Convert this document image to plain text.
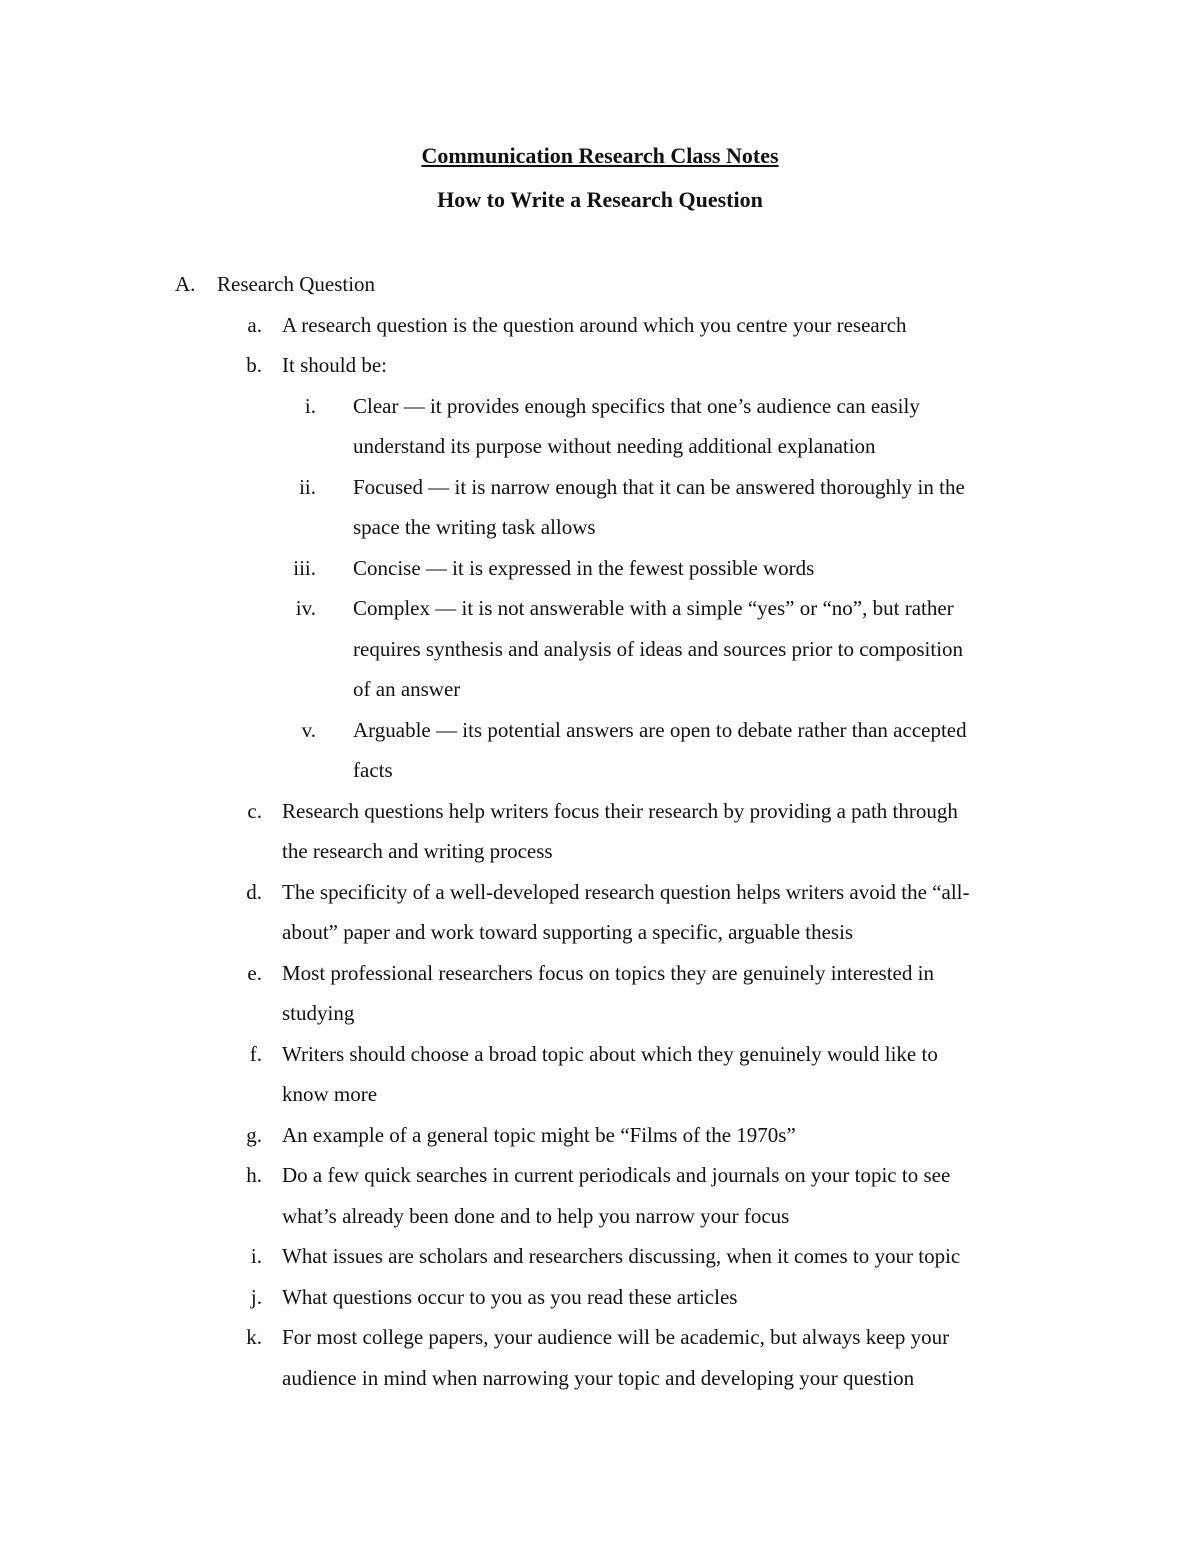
Communication Research Class Notes
How to Write a Research Question
A.	Research Question
a. A research question is the question around which you centre your research
b. It should be:
i. Clear — it provides enough specifics that one’s audience can easily
understand its purpose without needing additional explanation
ii. Focused — it is narrow enough that it can be answered thoroughly in the
space the writing task allows
iii. Concise — it is expressed in the fewest possible words
iv. Complex — it is not answerable with a simple “yes” or “no”, but rather
requires synthesis and analysis of ideas and sources prior to composition
of an answer
v. Arguable — its potential answers are open to debate rather than accepted
facts
c. Research questions help writers focus their research by providing a path through
the research and writing process
d. The specificity of a well-developed research question helps writers avoid the “all-
about” paper and work toward supporting a specific, arguable thesis
e. Most professional researchers focus on topics they are genuinely interested in
studying
f. Writers should choose a broad topic about which they genuinely would like to
know more
g. An example of a general topic might be “Films of the 1970s”
h. Do a few quick searches in current periodicals and journals on your topic to see
what’s already been done and to help you narrow your focus
i. What issues are scholars and researchers discussing, when it comes to your topic
j. What questions occur to you as you read these articles
k. For most college papers, your audience will be academic, but always keep your
audience in mind when narrowing your topic and developing your question
